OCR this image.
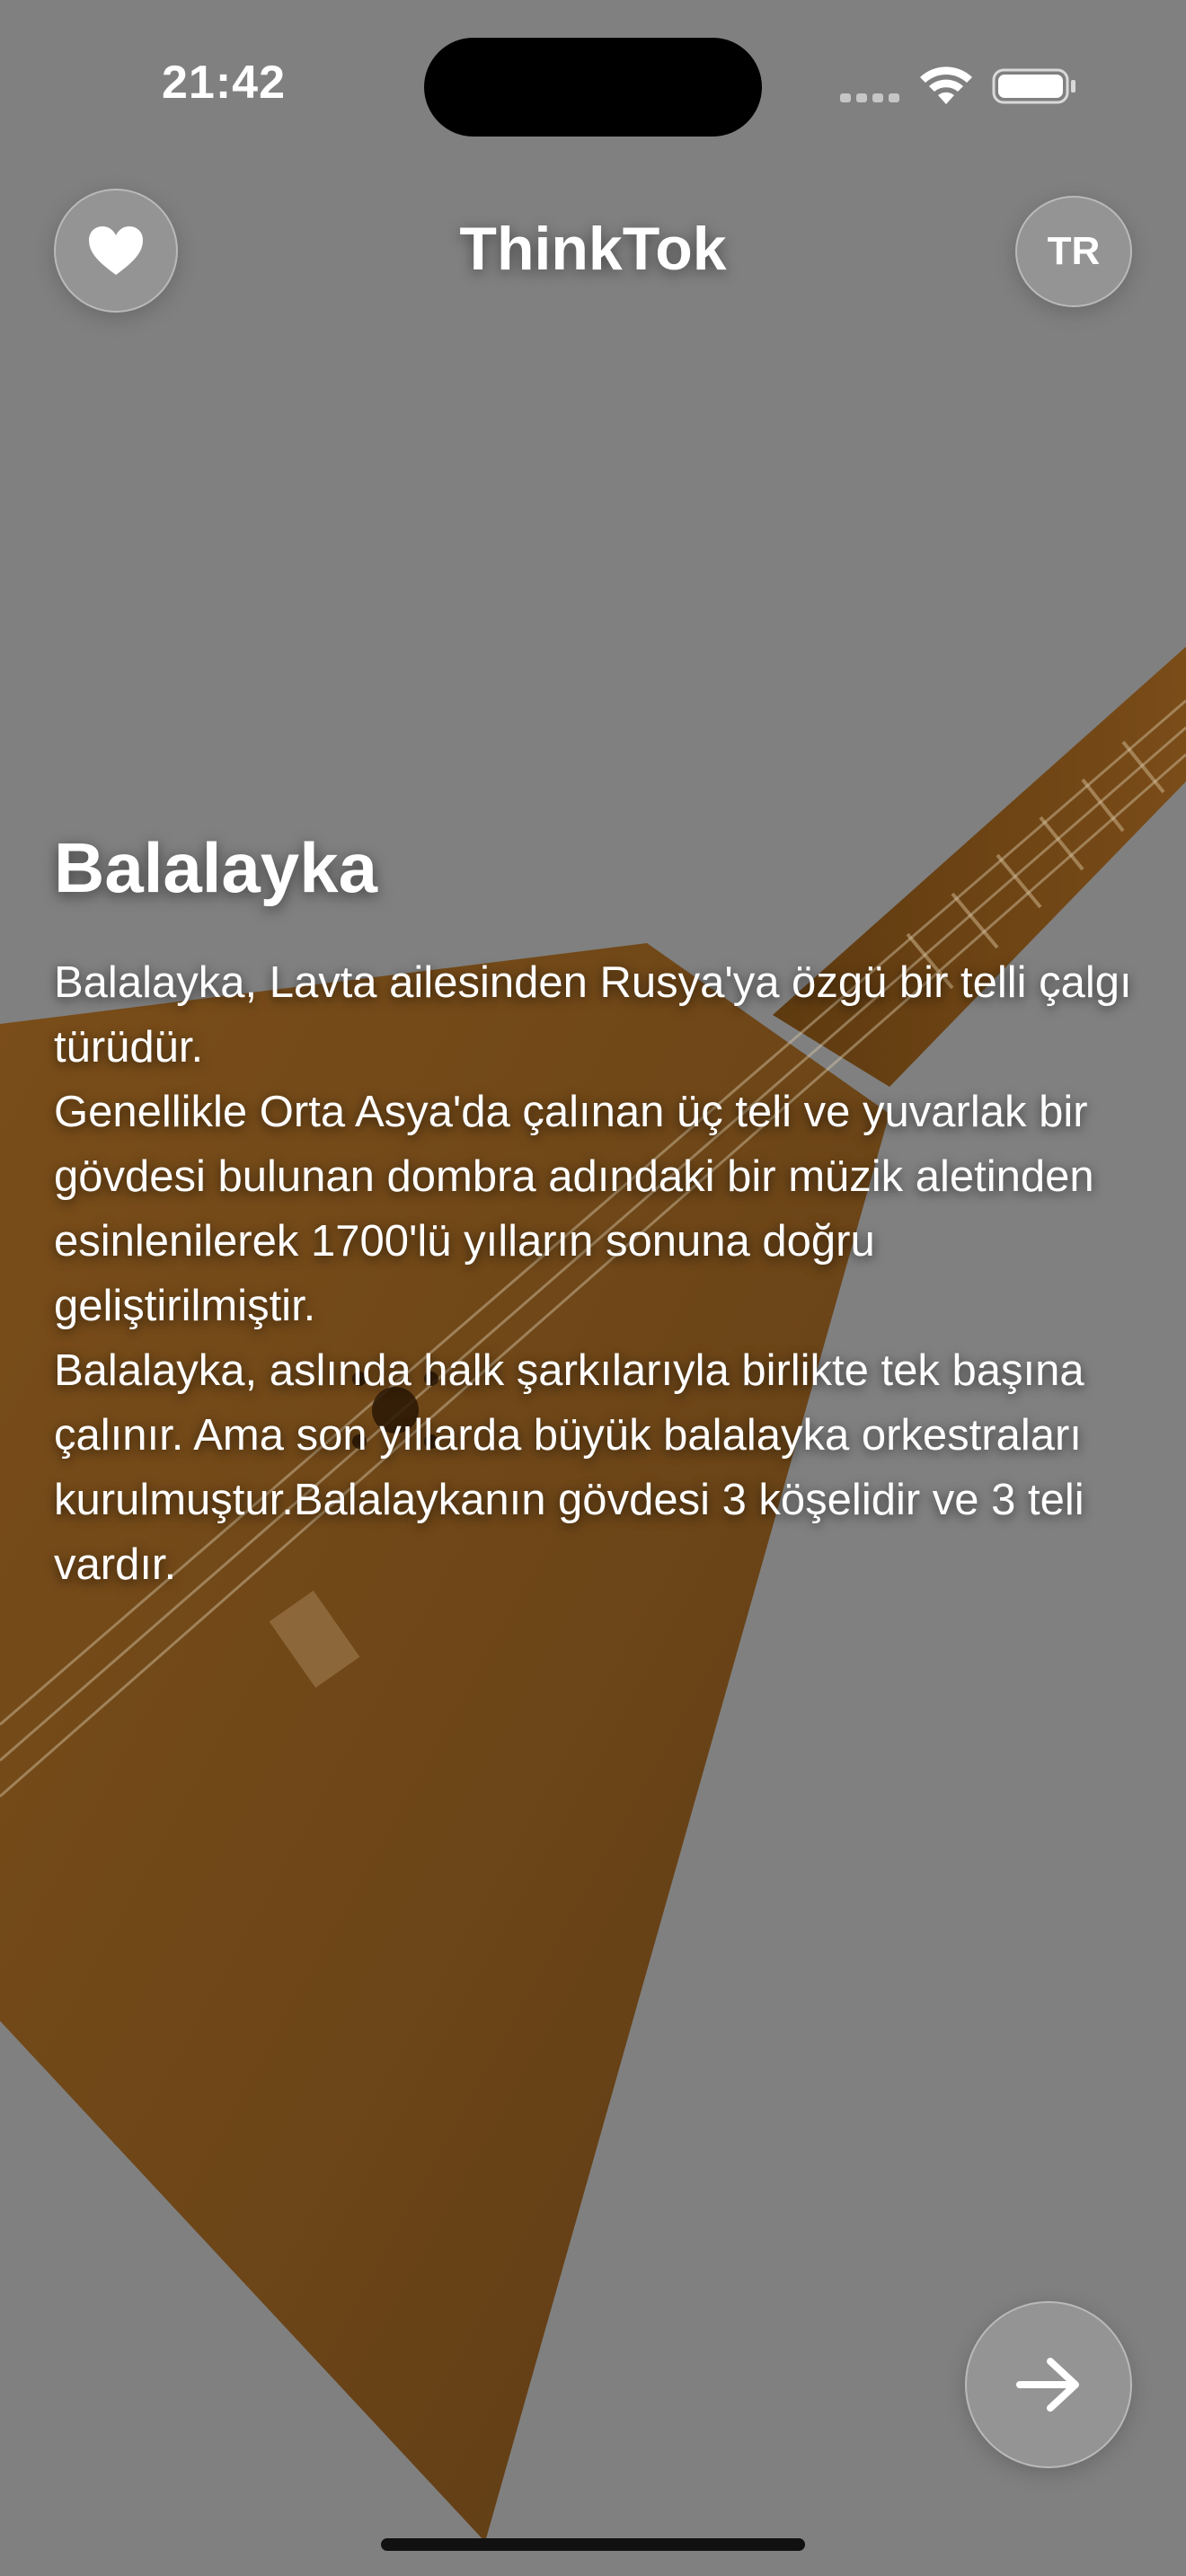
21:42
ThinkTok	TR
Balalayka

Balalayka, Lavta ailesinden Rusya'ya özgü bir telli çalgı türüdür.

Genellikle Orta Asya'da çalınan üç teli ve yuvarlak bir gövdesi bulunan dombra adındaki bir müzik aletinden esinlenilerek 1700'lü yılların sonuna doğru geliştirilmiştir.

Balalayka, aslında halk şarkılarıyla birlikte tek başına çalınır. Ama son yıllarda büyük balalayka orkestraları kurulmuştur.Balalaykanın gövdesi 3 köşelidir ve 3 teli vardır.
